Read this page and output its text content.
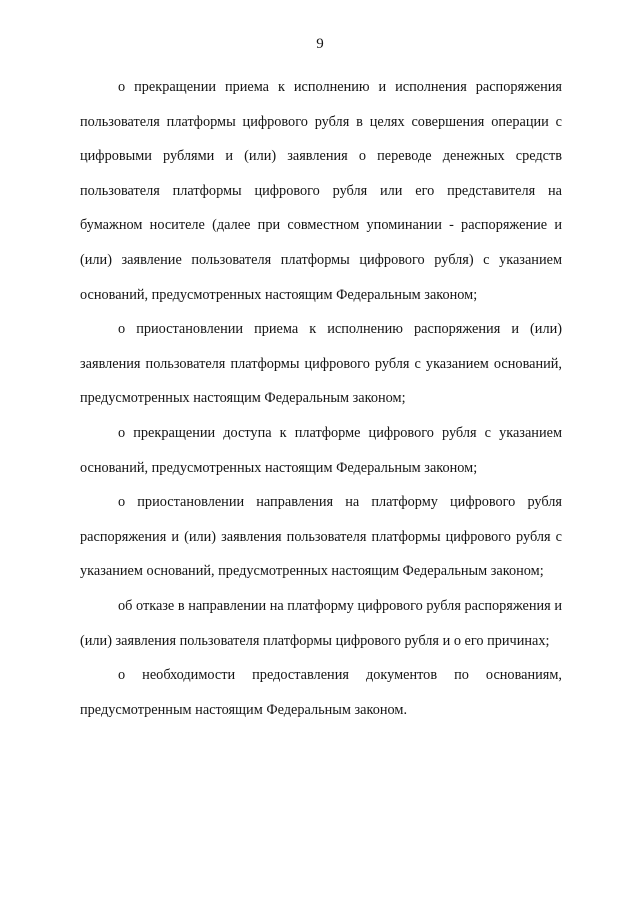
9

о прекращении приема к исполнению и исполнения распоряжения пользователя платформы цифрового рубля в целях совершения операции с цифровыми рублями и (или) заявления о переводе денежных средств пользователя платформы цифрового рубля или его представителя на бумажном носителе (далее при совместном упоминании - распоряжение и (или) заявление пользователя платформы цифрового рубля) с указанием оснований, предусмотренных настоящим Федеральным законом;

о приостановлении приема к исполнению распоряжения и (или) заявления пользователя платформы цифрового рубля с указанием оснований, предусмотренных настоящим Федеральным законом;

о прекращении доступа к платформе цифрового рубля с указанием оснований, предусмотренных настоящим Федеральным законом;

о приостановлении направления на платформу цифрового рубля распоряжения и (или) заявления пользователя платформы цифрового рубля с указанием оснований, предусмотренных настоящим Федеральным законом;

об отказе в направлении на платформу цифрового рубля распоряжения и (или) заявления пользователя платформы цифрового рубля и о его причинах;

о необходимости предоставления документов по основаниям, предусмотренным настоящим Федеральным законом.
